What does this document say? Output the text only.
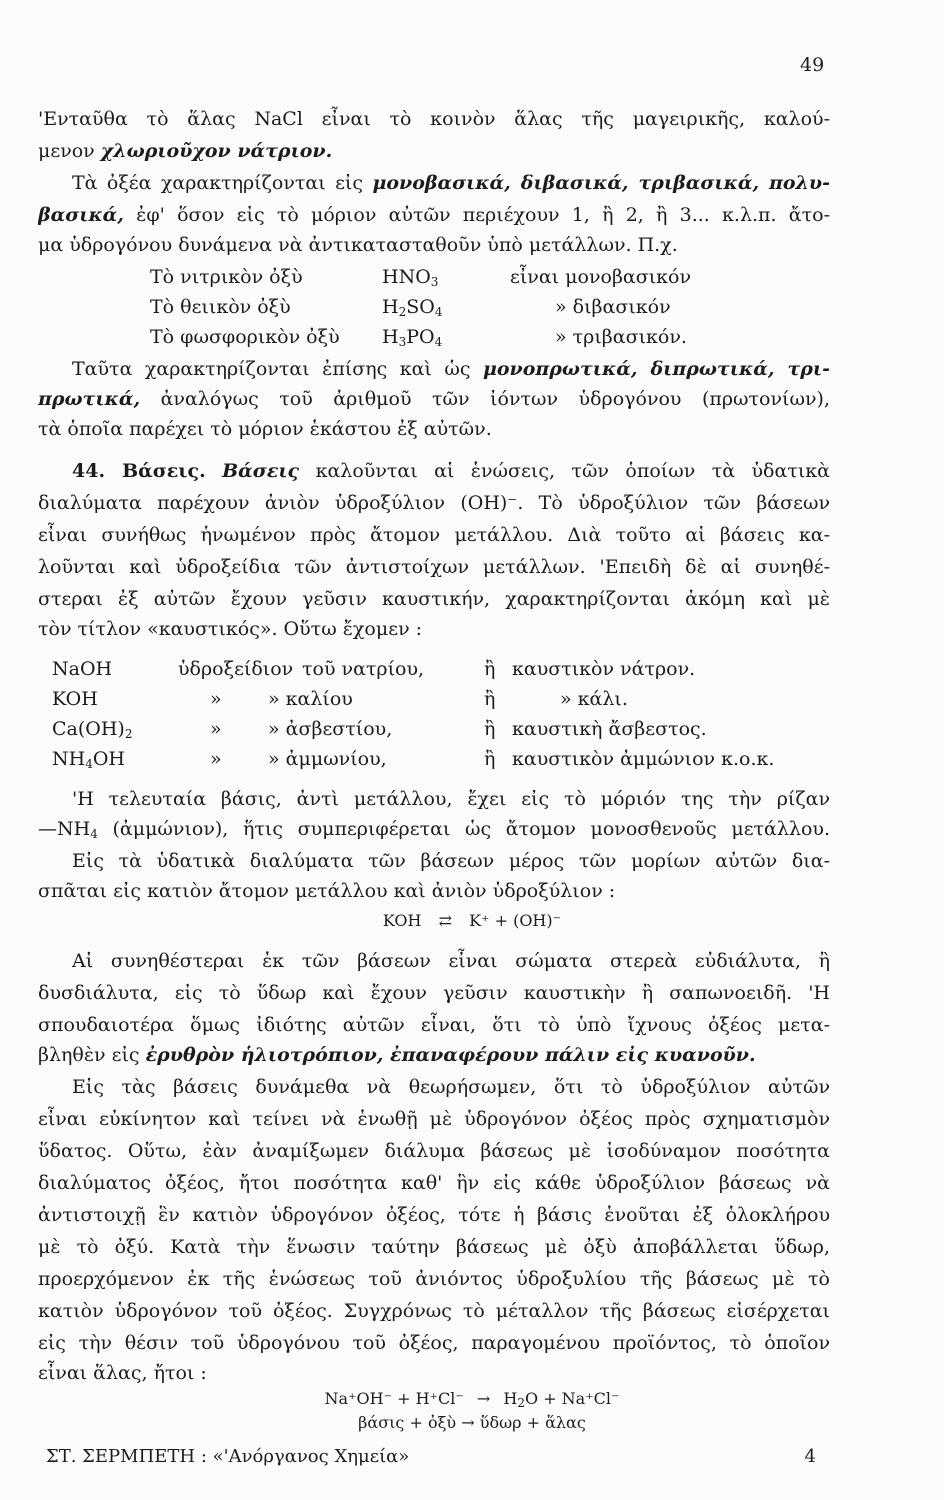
49
'Ενταῦθα τὸ ἅλας NaCl εἶναι τὸ κοινὸν ἅλας τῆς μαγειρικῆς, καλού-
μενον χλωριοῦχον νάτριον.
Τὰ ὀξέα χαρακτηρίζονται εἰς μονοβασικά, διβασικά, τριβασικά, πολυ-
βασικά, ἐφ' ὅσον εἰς τὸ μόριον αὐτῶν περιέχουν 1, ἢ 2, ἢ 3... κ.λ.π. ἄτο-
μα ὑδρογόνου δυνάμενα νὰ ἀντικατασταθοῦν ὑπὸ μετάλλων. Π.χ.
Τὸ νιτρικὸν ὀξὺ	$HNO_3$	εἶναι μονοβασικόν
Τὸ θειικὸν ὀξὺ	$H_2SO_4$	» διβασικόν
Τὸ φωσφορικὸν ὀξὺ $H_3PO_4$	» τριβασικόν.
Ταῦτα χαρακτηρίζονται ἐπίσης καὶ ὡς μονοπρωτικά, διπρωτικά, τρι-
πρωτικά, ἀναλόγως τοῦ ἀριθμοῦ τῶν ἰόντων ὑδρογόνου (πρωτονίων),
τὰ ὁποῖα παρέχει τὸ μόριον ἑκάστου ἐξ αὐτῶν.
44. Βάσεις. Βάσεις καλοῦνται αἱ ἑνώσεις, τῶν ὁποίων τὰ ὑδατικὰ
διαλύματα παρέχουν ἀνιὸν ὑδροξύλιον (OH)⁻. Τὸ ὑδροξύλιον τῶν βάσεων
εἶναι συνήθως ἡνωμένον πρὸς ἄτομον μετάλλου. Διὰ τοῦτο αἱ βάσεις κα-
λοῦνται καὶ ὑδροξείδια τῶν ἀντιστοίχων μετάλλων. 'Επειδὴ δὲ αἱ συνηθέ-
στεραι ἐξ αὐτῶν ἔχουν γεῦσιν καυστικήν, χαρακτηρίζονται ἀκόμη καὶ μὲ
τὸν τίτλον «καυστικός». Οὕτω ἔχομεν :
NaOH	ὑδροξείδιον τοῦ νατρίου,	ἢ καυστικὸν νάτρον.
KOH	» » καλίου	ἢ	» κάλι.
$Ca(OH)_2$	» » ἀσβεστίου,	ἢ καυστικὴ ἄσβεστος.
$NH_4OH$	» » ἀμμωνίου,	ἢ καυστικὸν ἀμμώνιον κ.ο.κ.
'Η τελευταία βάσις, ἀντὶ μετάλλου, ἔχει εἰς τὸ μόριόν της τὴν ρίζαν
$—NH_4$ (ἀμμώνιον), ἥτις συμπεριφέρεται ὡς ἄτομον μονοσθενοῦς μετάλλου.
Εἰς τὰ ὑδατικὰ διαλύματα τῶν βάσεων μέρος τῶν μορίων αὐτῶν δια-
σπᾶται εἰς κατιὸν ἄτομον μετάλλου καὶ ἀνιὸν ὑδροξύλιον :
KOH ⇄ K⁺ + (OH)⁻
Αἱ συνηθέστεραι ἐκ τῶν βάσεων εἶναι σώματα στερεὰ εὐδιάλυτα, ἢ
δυσδιάλυτα, εἰς τὸ ὕδωρ καὶ ἔχουν γεῦσιν καυστικὴν ἢ σαπωνοειδῆ. 'Η
σπουδαιοτέρα ὅμως ἰδιότης αὐτῶν εἶναι, ὅτι τὸ ὑπὸ ἴχνους ὀξέος μετα-
βληθὲν εἰς ἐρυθρὸν ἡλιοτρόπιον, ἐπαναφέρουν πάλιν εἰς κυανοῦν.
Εἰς τὰς βάσεις δυνάμεθα νὰ θεωρήσωμεν, ὅτι τὸ ὑδροξύλιον αὐτῶν
εἶναι εὐκίνητον καὶ τείνει νὰ ἑνωθῇ μὲ ὑδρογόνον ὀξέος πρὸς σχηματισμὸν
ὕδατος. Οὕτω, ἐὰν ἀναμίξωμεν διάλυμα βάσεως μὲ ἰσοδύναμον ποσότητα
διαλύματος ὀξέος, ἤτοι ποσότητα καθ' ἣν εἰς κάθε ὑδροξύλιον βάσεως νὰ
ἀντιστοιχῇ ἓν κατιὸν ὑδρογόνον ὀξέος, τότε ἡ βάσις ἑνοῦται ἐξ ὁλοκλήρου
μὲ τὸ ὀξύ. Κατὰ τὴν ἕνωσιν ταύτην βάσεως μὲ ὀξὺ ἀποβάλλεται ὕδωρ,
προερχόμενον ἐκ τῆς ἑνώσεως τοῦ ἀνιόντος ὑδροξυλίου τῆς βάσεως μὲ τὸ
κατιὸν ὑδρογόνον τοῦ ὀξέος. Συγχρόνως τὸ μέταλλον τῆς βάσεως εἰσέρχεται
εἰς τὴν θέσιν τοῦ ὑδρογόνου τοῦ ὀξέος, παραγομένου προϊόντος, τὸ ὁποῖον
εἶναι ἅλας, ἤτοι :
$Na^+OH^- + H^+Cl^- \to H_2O + Na^+Cl^-$
βάσις + ὀξὺ → ὕδωρ + ἅλας
ΣΤ. ΣΕΡΜΠΕΤΗ : «'Ανόργανος Χημεία»	4
